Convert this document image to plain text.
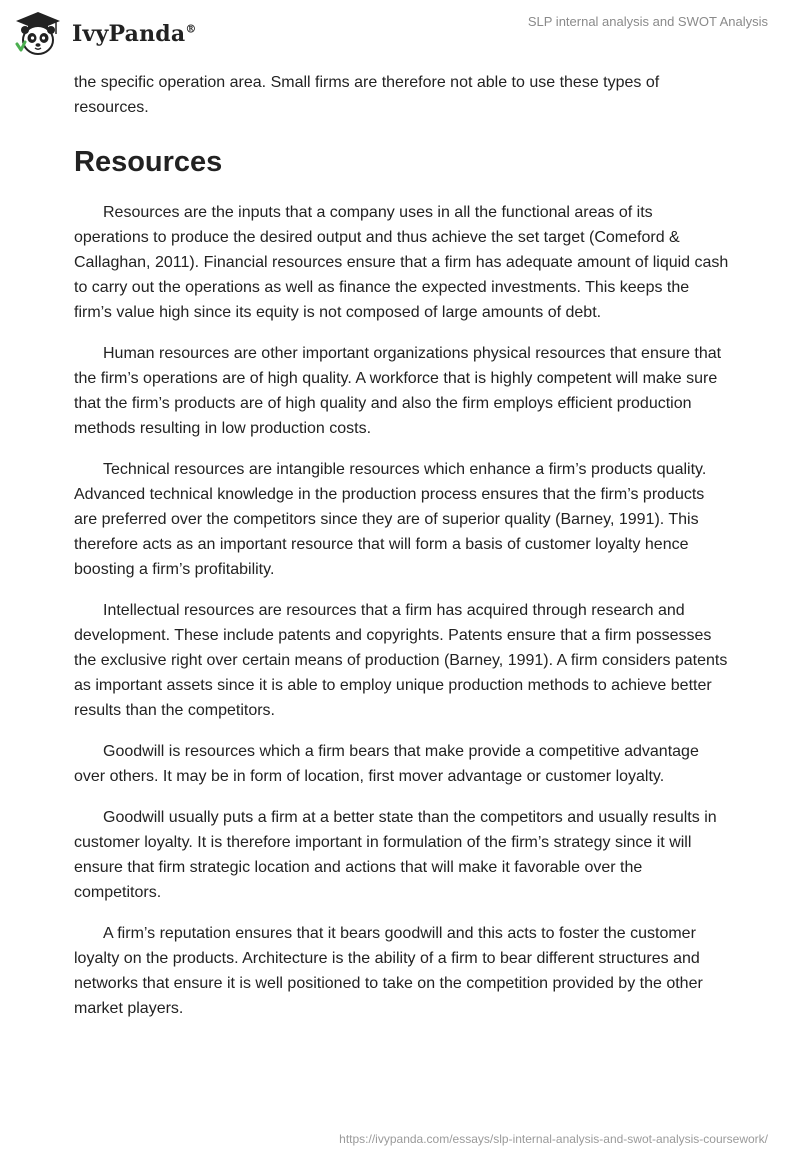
IvyPanda®
SLP internal analysis and SWOT Analysis

the specific operation area. Small firms are therefore not able to use these types of resources.

Resources

Resources are the inputs that a company uses in all the functional areas of its operations to produce the desired output and thus achieve the set target (Comeford & Callaghan, 2011). Financial resources ensure that a firm has adequate amount of liquid cash to carry out the operations as well as finance the expected investments. This keeps the firm’s value high since its equity is not composed of large amounts of debt.

Human resources are other important organizations physical resources that ensure that the firm’s operations are of high quality. A workforce that is highly competent will make sure that the firm’s products are of high quality and also the firm employs efficient production methods resulting in low production costs.

Technical resources are intangible resources which enhance a firm’s products quality. Advanced technical knowledge in the production process ensures that the firm’s products are preferred over the competitors since they are of superior quality (Barney, 1991). This therefore acts as an important resource that will form a basis of customer loyalty hence boosting a firm’s profitability.

Intellectual resources are resources that a firm has acquired through research and development. These include patents and copyrights. Patents ensure that a firm possesses the exclusive right over certain means of production (Barney, 1991). A firm considers patents as important assets since it is able to employ unique production methods to achieve better results than the competitors.

Goodwill is resources which a firm bears that make provide a competitive advantage over others. It may be in form of location, first mover advantage or customer loyalty.

Goodwill usually puts a firm at a better state than the competitors and usually results in customer loyalty. It is therefore important in formulation of the firm’s strategy since it will ensure that firm strategic location and actions that will make it favorable over the competitors.

A firm’s reputation ensures that it bears goodwill and this acts to foster the customer loyalty on the products. Architecture is the ability of a firm to bear different structures and networks that ensure it is well positioned to take on the competition provided by the other market players.

https://ivypanda.com/essays/slp-internal-analysis-and-swot-analysis-coursework/
